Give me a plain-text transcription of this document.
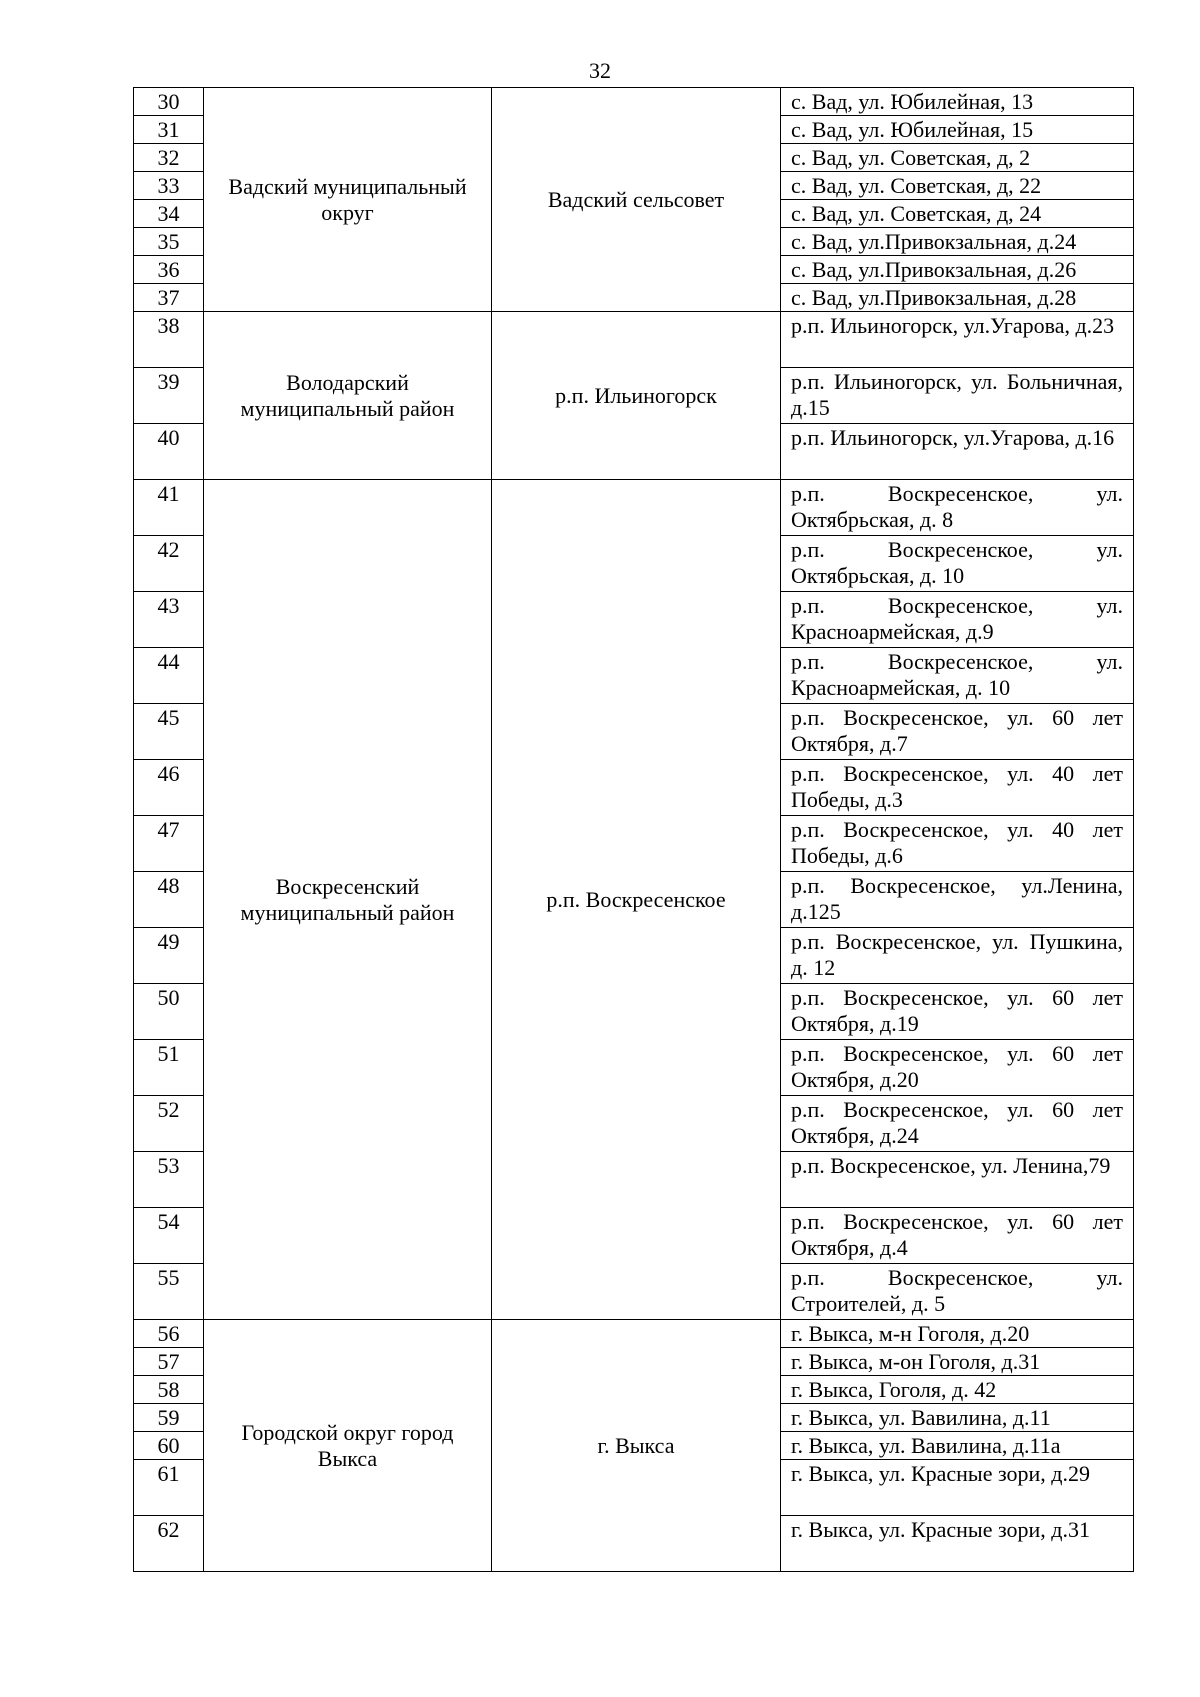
32
30	Вадский муниципальный округ	Вадский сельсовет	с. Вад, ул. Юбилейная, 13
31			с. Вад, ул. Юбилейная, 15
32			с. Вад, ул. Советская, д, 2
33			с. Вад, ул. Советская, д, 22
34			с. Вад, ул. Советская, д, 24
35			с. Вад, ул.Привокзальная, д.24
36			с. Вад, ул.Привокзальная, д.26
37			с. Вад, ул.Привокзальная, д.28
38	Володарский муниципальный район	р.п. Ильиногорск	р.п. Ильиногорск, ул.Угарова, д.23
39			р.п. Ильиногорск, ул. Больничная, д.15
40			р.п. Ильиногорск, ул.Угарова, д.16
41	Воскресенский муниципальный район	р.п. Воскресенское	р.п. Воскресенское, ул. Октябрьская, д. 8
42			р.п. Воскресенское, ул. Октябрьская, д. 10
43			р.п. Воскресенское, ул. Красноармейская, д.9
44			р.п. Воскресенское, ул. Красноармейская, д. 10
45			р.п. Воскресенское, ул. 60 лет Октября, д.7
46			р.п. Воскресенское, ул. 40 лет Победы, д.3
47			р.п. Воскресенское, ул. 40 лет Победы, д.6
48			р.п. Воскресенское, ул.Ленина, д.125
49			р.п. Воскресенское, ул. Пушкина, д. 12
50			р.п. Воскресенское, ул. 60 лет Октября, д.19
51			р.п. Воскресенское, ул. 60 лет Октября, д.20
52			р.п. Воскресенское, ул. 60 лет Октября, д.24
53			р.п. Воскресенское, ул. Ленина,79
54			р.п. Воскресенское, ул. 60 лет Октября, д.4
55			р.п. Воскресенское, ул. Строителей, д. 5
56	Городской округ город Выкса	г. Выкса	г. Выкса, м-н Гоголя, д.20
57			г. Выкса, м-он Гоголя, д.31
58			г. Выкса, Гоголя, д. 42
59			г. Выкса, ул. Вавилина, д.11
60			г. Выкса, ул. Вавилина, д.11а
61			г. Выкса, ул. Красные зори, д.29
62			г. Выкса, ул. Красные зори, д.31
